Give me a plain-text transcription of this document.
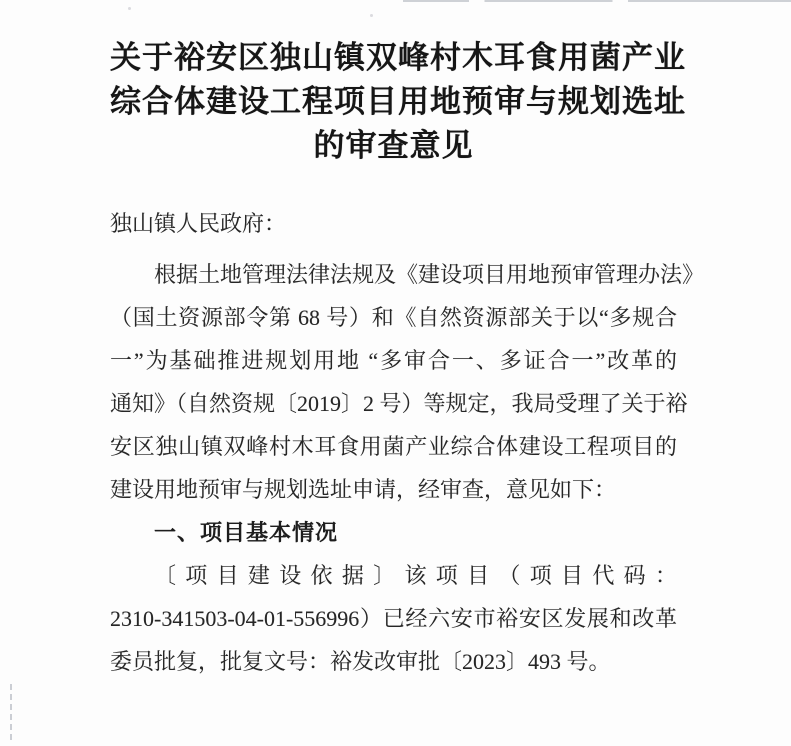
关于裕安区独山镇双峰村木耳食用菌产业
综合体建设工程项目用地预审与规划选址
的审查意见
独山镇人民政府：
根据土地管理法律法规及《建设项目用地预审管理办法》
（国土资源部令第 68 号）和《自然资源部关于以“多规合
一”为基础推进规划用地 “多审合一、多证合一”改革的
通知》（自然资规〔2019〕2 号）等规定，我局受理了关于裕
安区独山镇双峰村木耳食用菌产业综合体建设工程项目的
建设用地预审与规划选址申请，经审查，意见如下：
一、项目基本情况
〔项目建设依据〕该项目（项目代码：
2310-341503-04-01-556996）已经六安市裕安区发展和改革
委员批复，批复文号：裕发改审批〔2023〕493 号。
